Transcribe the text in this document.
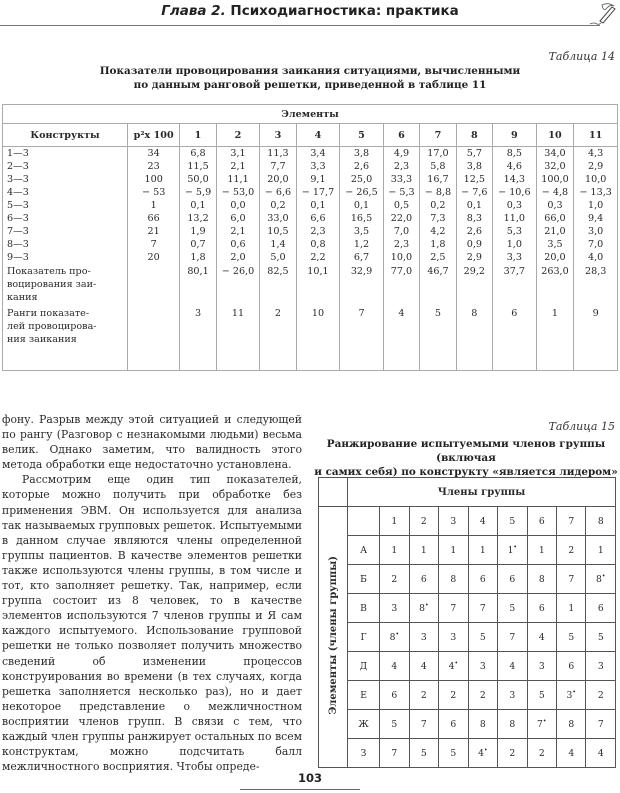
Глава 2. Психодиагностика: практика
Таблица 14
Показатели провоцирования заикания ситуациями, вычисленными
по данным ранговой решетки, приведенной в таблице 11
Элементы												
Конструкты	р²х 100	1	2	3	4	5	6	7	8	9	10	11
1—3	34	6,8	3,1	11,3	3,4	3,8	4,9	17,0	5,7	8,5	34,0	4,3
2—3	23	11,5	2,1	7,7	3,3	2,6	2,3	5,8	3,8	4,6	32,0	2,9
3—3	100	50,0	11,1	20,0	9,1	25,0	33,3	16,7	12,5	14,3	100,0	10,0
4—3	− 53	− 5,9	− 53,0	− 6,6	− 17,7	− 26,5	− 5,3	− 8,8	− 7,6	− 10,6	− 4,8	− 13,3
5—3	1	0,1	0,0	0,2	0,1	0,1	0,5	0,2	0,1	0,3	0,3	1,0
6—3	66	13,2	6,0	33,0	6,6	16,5	22,0	7,3	8,3	11,0	66,0	9,4
7—3	21	1,9	2,1	10,5	2,3	3,5	7,0	4,2	2,6	5,3	21,0	3,0
8—3	7	0,7	0,6	1,4	0,8	1,2	2,3	1,8	0,9	1,0	3,5	7,0
9—3	20	1,8	2,0	5,0	2,2	6,7	10,0	2,5	2,9	3,3	20,0	4,0

Показатель про-
воцирования заи-
кания		80,1	− 26,0	82,5	10,1	32,9	77,0	46,7	29,2	37,7	263,0	28,3

Ранги показате-
лей провоцирова-
ния заикания		3	11	2	10	7	4	5	8	6	1	9

фону. Разрыв между этой ситуацией и следующей по рангу (Разговор с незнакомыми людьми) весьма велик. Однако заметим, что валидность этого метода обработки еще недостаточно установлена.

Рассмотрим еще один тип показателей, которые можно получить при обработке без применения ЭВМ. Он используется для анализа так называемых групповых решеток. Испытуемыми в данном случае являются члены определенной группы пациентов. В качестве элементов решетки также используются члены группы, в том числе и тот, кто заполняет решетку. Так, например, если группа состоит из 8 человек, то в качестве элементов используются 7 членов группы и Я сам каждого испытуемого. Использование групповой решетки не только позволяет получить множество сведений об изменении процессов конструирования во времени (в тех случаях, когда решетка заполняется несколько раз), но и дает некоторое представление о межличностном восприятии членов групп. В связи с тем, что каждый член группы ранжирует остальных по всем конструктам, можно подсчитать балл межличностного восприятия. Чтобы опреде-

Таблица 15
Ранжирование испытуемыми членов группы (включая
и самих себя) по конструкту «является лидером»
	Члены группы								
Элементы (члены группы)		1	2	3	4	5	6	7	8
	А	1	1	1	1	1•	1	2	1
	Б	2	6	8	6	6	8	7	8•
	В	3	8•	7	7	5	6	1	6
	Г	8•	3	3	5	7	4	5	5
	Д	4	4	4•	3	4	3	6	3
	Е	6	2	2	2	3	5	3•	2
	Ж	5	7	6	8	8	7•	8	7
	З	7	5	5	4•	2	2	4	4
103
